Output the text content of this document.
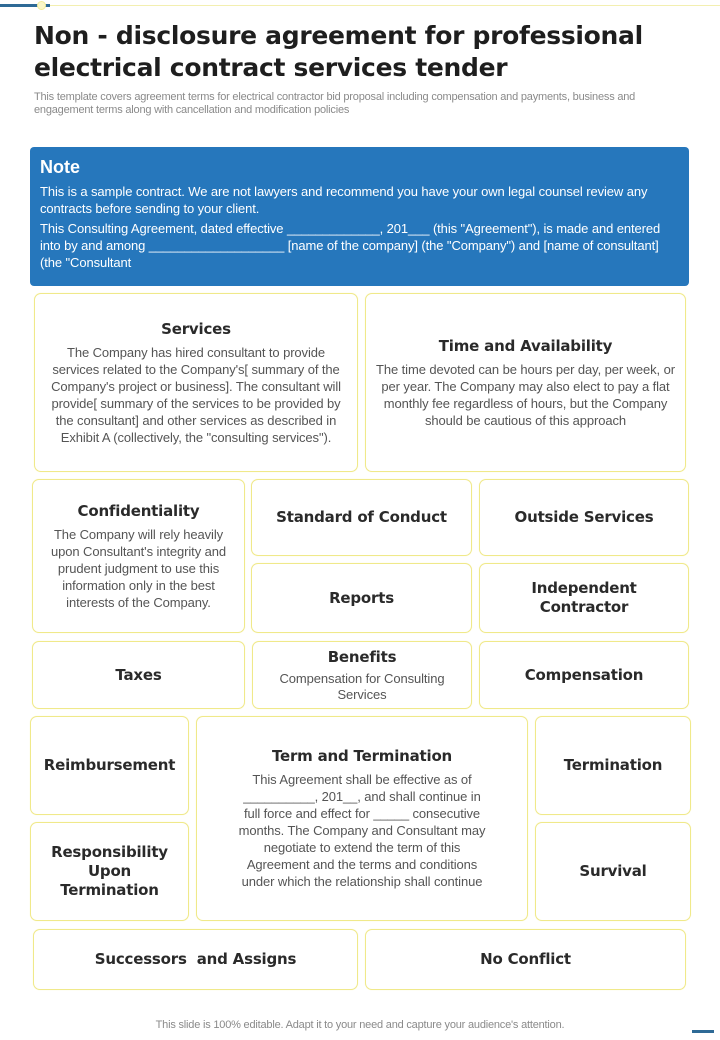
Non - disclosure agreement for professional electrical contract services tender

This template covers agreement terms for electrical contractor bid proposal including compensation and payments, business and engagement terms along with cancellation and modification policies

Note

This is a sample contract. We are not lawyers and recommend you have your own legal counsel review any contracts before sending to your client.

This Consulting Agreement, dated effective _____________, 201___ (this "Agreement"), is made and entered into by and among ___________________ [name of the company] (the "Company") and [name of consultant] (the "Consultant

Services
The Company has hired consultant to provide services related to the Company's[ summary of the Company's project or business]. The consultant will provide[ summary of the services to be provided by the consultant] and other services as described in Exhibit A (collectively, the "consulting services").
Time and Availability
The time devoted can be hours per day, per week, or per year. The Company may also elect to pay a flat monthly fee regardless of hours, but the Company should be cautious of this approach
Confidentiality
The Company will rely heavily upon Consultant's integrity and prudent judgment to use this information only in the best interests of the Company.
Standard of Conduct	Outside Services
Reports
Independent Contractor
Taxes
Benefits
Compensation for Consulting Services
Compensation
Reimbursement
Responsibility Upon Termination
Term and Termination
This Agreement shall be effective as of __________, 201__, and shall continue in full force and effect for _____ consecutive months. The Company and Consultant may negotiate to extend the term of this Agreement and the terms and conditions under which the relationship shall continue
Termination
Survival
Successors  and Assigns	No Conflict
This slide is 100% editable. Adapt it to your need and capture your audience's attention.
